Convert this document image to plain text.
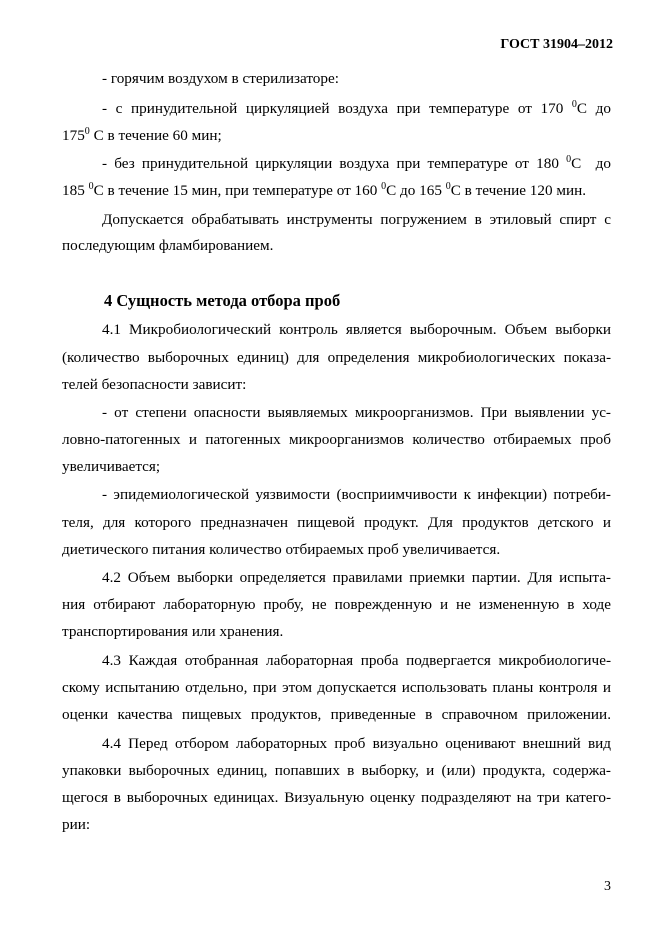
ГОСТ 31904–2012
- горячим воздухом в стерилизаторе:
- с принудительной циркуляцией воздуха при температуре от 170 $^0$С до
$175^0$ С в течение 60 мин;
- без принудительной циркуляции воздуха при температуре от 180 $^0$С  до
185 $^0$С в течение 15 мин, при температуре от 160 $^0$С до 165 $^0$С в течение 120 мин.
Допускается обрабатывать инструменты погружением в этиловый спирт с
последующим фламбированием.
4 Сущность метода отбора проб
4.1 Микробиологический контроль является выборочным. Объем выборки
(количество выборочных единиц) для определения микробиологических показа-
телей безопасности зависит:
- от степени опасности выявляемых микроорганизмов. При выявлении ус-
ловно-патогенных и патогенных микроорганизмов количество отбираемых проб
увеличивается;
- эпидемиологической уязвимости (восприимчивости к инфекции) потреби-
теля, для которого предназначен пищевой продукт. Для продуктов детского и
диетического питания количество отбираемых проб увеличивается.
4.2 Объем выборки определяется правилами приемки партии. Для испыта-
ния отбирают лабораторную пробу, не поврежденную и не измененную в ходе
транспортирования или хранения.
4.3 Каждая отобранная лабораторная проба подвергается микробиологиче-
скому испытанию отдельно, при этом допускается использовать планы контроля и
оценки качества пищевых продуктов, приведенные в справочном приложении.
4.4 Перед отбором лабораторных проб визуально оценивают внешний вид
упаковки выборочных единиц, попавших в выборку, и (или) продукта, содержа-
щегося в выборочных единицах. Визуальную оценку подразделяют на три катего-
рии:
3
